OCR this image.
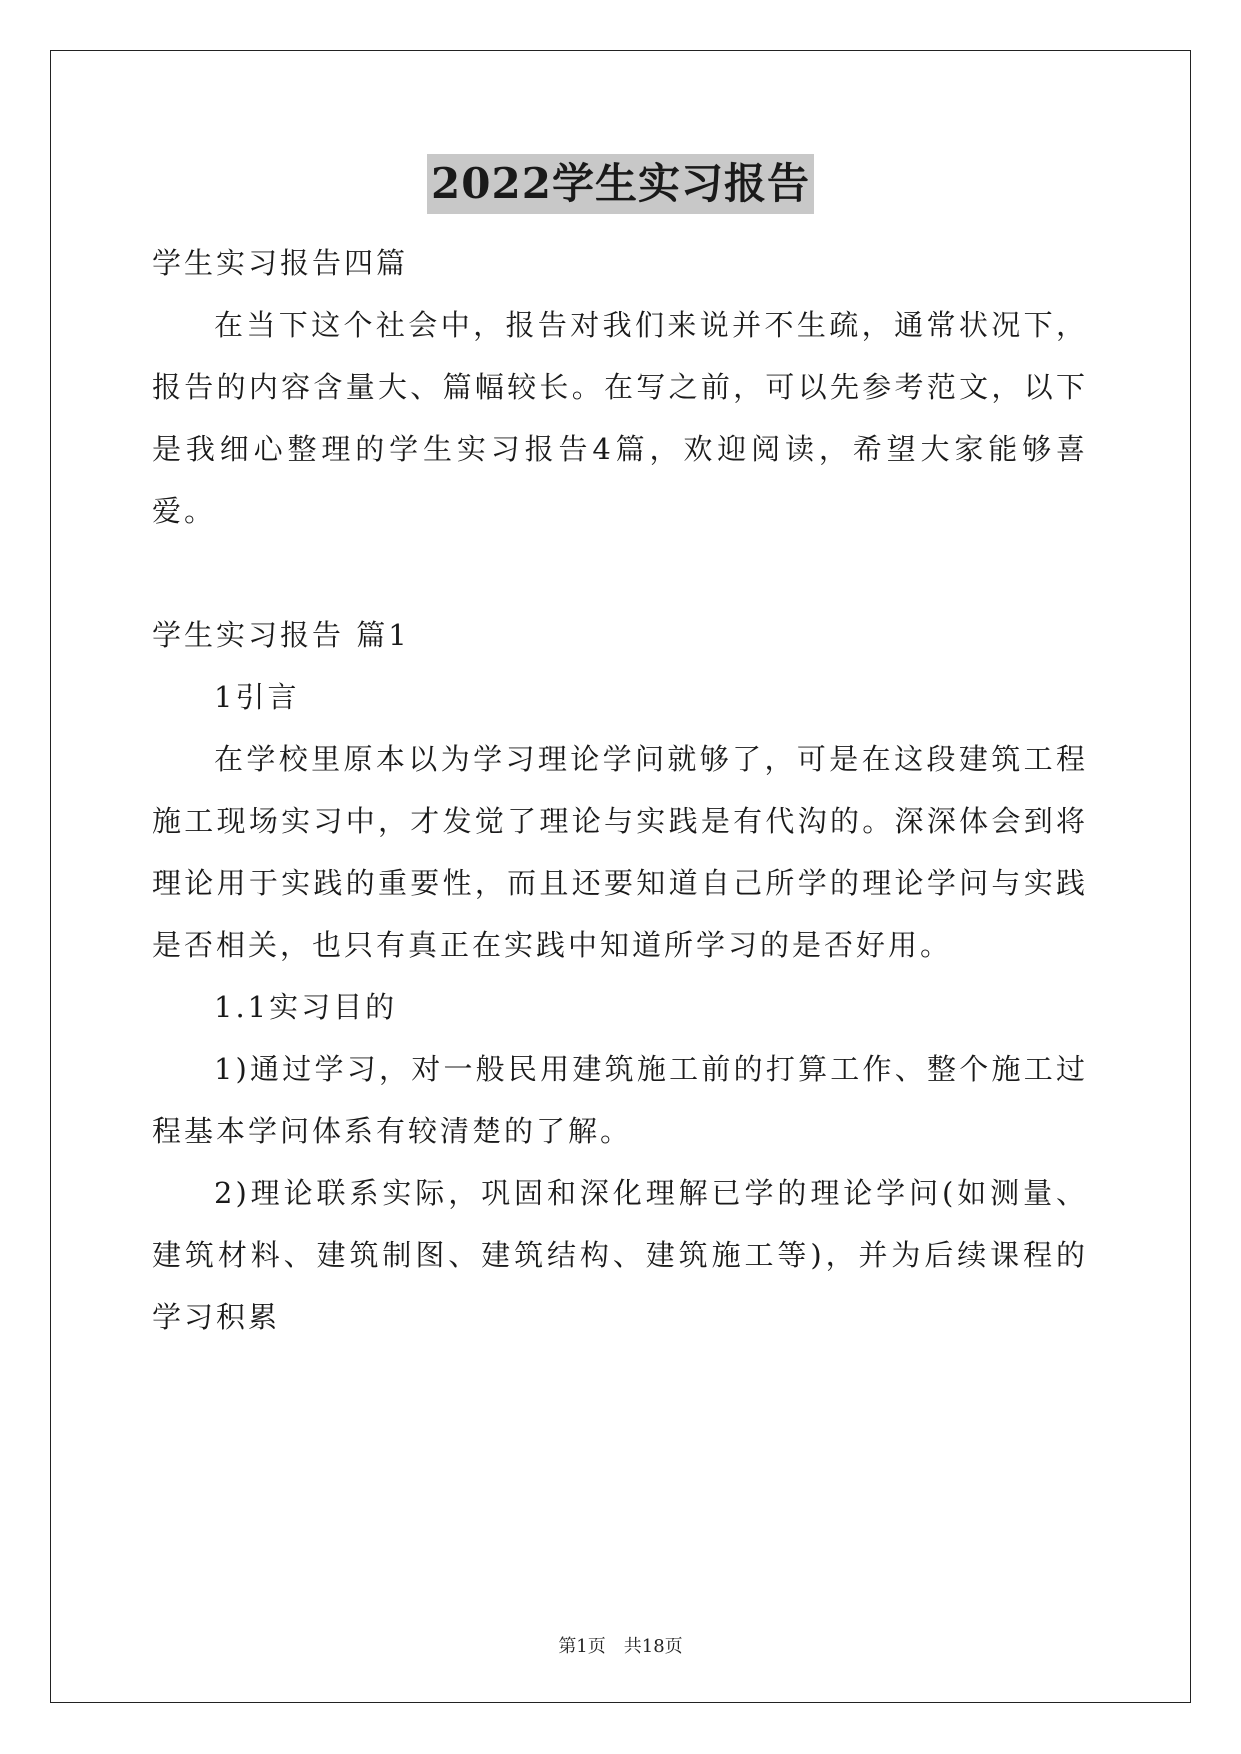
2022学生实习报告

学生实习报告四篇

在当下这个社会中，报告对我们来说并不生疏，通常状况下，报告的内容含量大、篇幅较长。在写之前，可以先参考范文，以下是我细心整理的学生实习报告4篇，欢迎阅读，希望大家能够喜爱。

学生实习报告 篇1

1引言

在学校里原本以为学习理论学问就够了，可是在这段建筑工程施工现场实习中，才发觉了理论与实践是有代沟的。深深体会到将理论用于实践的重要性，而且还要知道自己所学的理论学问与实践是否相关，也只有真正在实践中知道所学习的是否好用。

1.1实习目的

1)通过学习，对一般民用建筑施工前的打算工作、整个施工过程基本学问体系有较清楚的了解。

2)理论联系实际，巩固和深化理解已学的理论学问(如测量、建筑材料、建筑制图、建筑结构、建筑施工等)，并为后续课程的学习积累

第1页　共18页
